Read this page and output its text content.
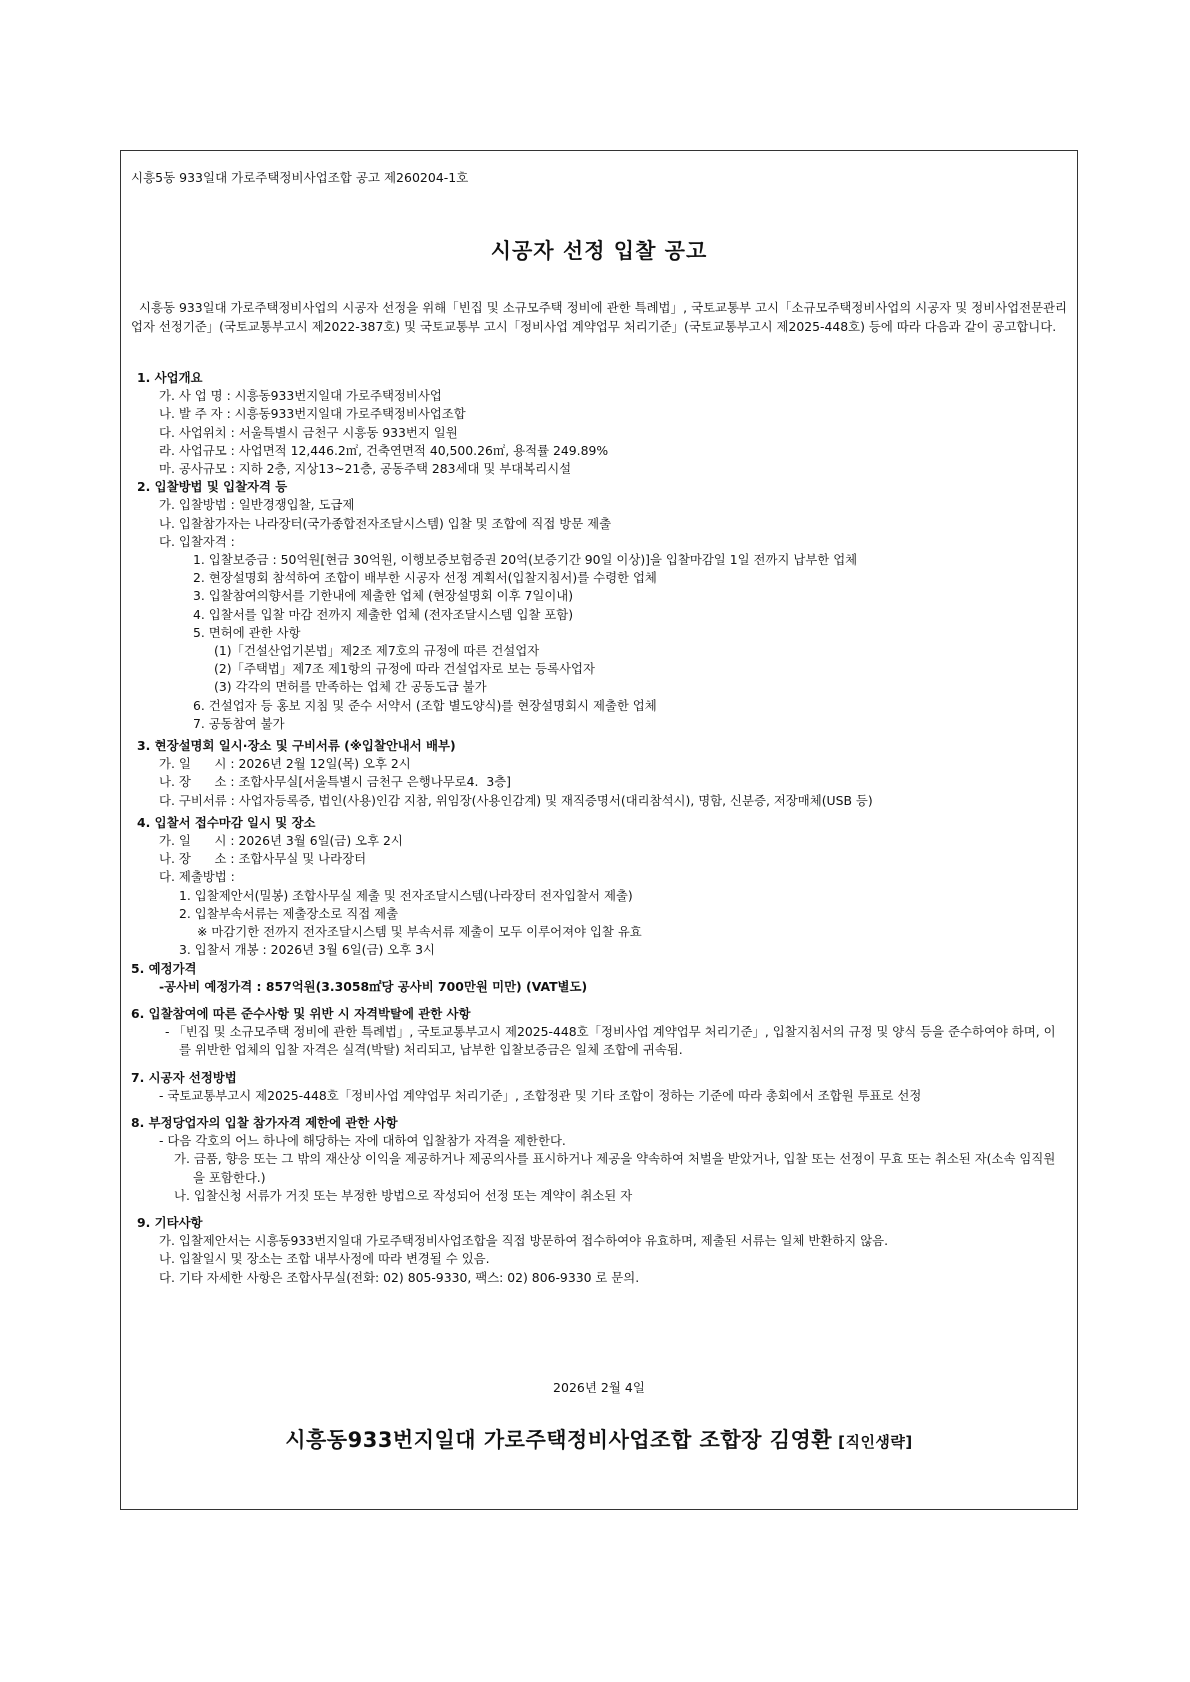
시흥5동 933일대 가로주택정비사업조합 공고 제260204-1호
시공자 선정 입찰 공고

시흥동 933일대 가로주택정비사업의 시공자 선정을 위해「빈집 및 소규모주택 정비에 관한 특례법」, 국토교통부 고시「소규모주택정비사업의 시공자 및 정비사업전문관리업자 선정기준」(국토교통부고시 제2022-387호) 및 국토교통부 고시「정비사업 계약업무 처리기준」(국토교통부고시 제2025-448호) 등에 따라 다음과 같이 공고합니다.

1. 사업개요
가. 사 업 명 : 시흥동933번지일대 가로주택정비사업
나. 발 주 자 : 시흥동933번지일대 가로주택정비사업조합
다. 사업위치 : 서울특별시 금천구 시흥동 933번지 일원
라. 사업규모 : 사업면적 12,446.2㎡, 건축연면적 40,500.26㎡, 용적률 249.89%
마. 공사규모 : 지하 2층, 지상13~21층, 공동주택 283세대 및 부대복리시설
2. 입찰방법 및 입찰자격 등
가. 입찰방법 : 일반경쟁입찰, 도급제
나. 입찰참가자는 나라장터(국가종합전자조달시스템) 입찰 및 조합에 직접 방문 제출
다. 입찰자격 :
1. 입찰보증금 : 50억원[현금 30억원, 이행보증보험증권 20억(보증기간 90일 이상)]을 입찰마감일 1일 전까지 납부한 업체
2. 현장설명회 참석하여 조합이 배부한 시공자 선정 계획서(입찰지침서)를 수령한 업체
3. 입찰참여의향서를 기한내에 제출한 업체 (현장설명회 이후 7일이내)
4. 입찰서를 입찰 마감 전까지 제출한 업체 (전자조달시스템 입찰 포함)
5. 면허에 관한 사항
(1)「건설산업기본법」제2조 제7호의 규정에 따른 건설업자
(2)「주택법」제7조 제1항의 규정에 따라 건설업자로 보는 등록사업자
(3) 각각의 면허를 만족하는 업체 간 공동도급 불가
6. 건설업자 등 홍보 지침 및 준수 서약서 (조합 별도양식)를 현장설명회시 제출한 업체
7. 공동참여 불가
3. 현장설명회 일시·장소 및 구비서류 (※입찰안내서 배부)
가. 일      시 : 2026년 2월 12일(목) 오후 2시
나. 장      소 : 조합사무실[서울특별시 금천구 은행나무로4.  3층]
다. 구비서류 : 사업자등록증, 법인(사용)인감 지참, 위임장(사용인감계) 및 재직증명서(대리참석시), 명함, 신분증, 저장매체(USB 등)
4. 입찰서 접수마감 일시 및 장소
가. 일      시 : 2026년 3월 6일(금) 오후 2시
나. 장      소 : 조합사무실 및 나라장터
다. 제출방법 :
1. 입찰제안서(밀봉) 조합사무실 제출 및 전자조달시스템(나라장터 전자입찰서 제출)
2. 입찰부속서류는 제출장소로 직접 제출
※ 마감기한 전까지 전자조달시스템 및 부속서류 제출이 모두 이루어져야 입찰 유효
3. 입찰서 개봉 : 2026년 3월 6일(금) 오후 3시
5. 예정가격
-공사비 예정가격 : 857억원(3.3058㎡당 공사비 700만원 미만) (VAT별도)
6. 입찰참여에 따른 준수사항 및 위반 시 자격박탈에 관한 사항
- 「빈집 및 소규모주택 정비에 관한 특례법」, 국토교통부고시 제2025-448호「정비사업 계약업무 처리기준」, 입찰지침서의 규정 및 양식 등을 준수하여야 하며, 이를 위반한 업체의 입찰 자격은 실격(박탈) 처리되고, 납부한 입찰보증금은 일체 조합에 귀속됨.
7. 시공자 선정방법
- 국토교통부고시 제2025-448호「정비사업 계약업무 처리기준」, 조합정관 및 기타 조합이 정하는 기준에 따라 총회에서 조합원 투표로 선정
8. 부정당업자의 입찰 참가자격 제한에 관한 사항
- 다음 각호의 어느 하나에 해당하는 자에 대하여 입찰참가 자격을 제한한다.
가. 금품, 향응 또는 그 밖의 재산상 이익을 제공하거나 제공의사를 표시하거나 제공을 약속하여 처벌을 받았거나, 입찰 또는 선정이 무효 또는 취소된 자(소속 임직원을 포함한다.)
나. 입찰신청 서류가 거짓 또는 부정한 방법으로 작성되어 선정 또는 계약이 취소된 자
9. 기타사항
가. 입찰제안서는 시흥동933번지일대 가로주택정비사업조합을 직접 방문하여 접수하여야 유효하며, 제출된 서류는 일체 반환하지 않음.
나. 입찰일시 및 장소는 조합 내부사정에 따라 변경될 수 있음.
다. 기타 자세한 사항은 조합사무실(전화: 02) 805-9330, 팩스: 02) 806-9330 로 문의.
2026년 2월 4일
시흥동933번지일대 가로주택정비사업조합 조합장 김영환 [직인생략]
